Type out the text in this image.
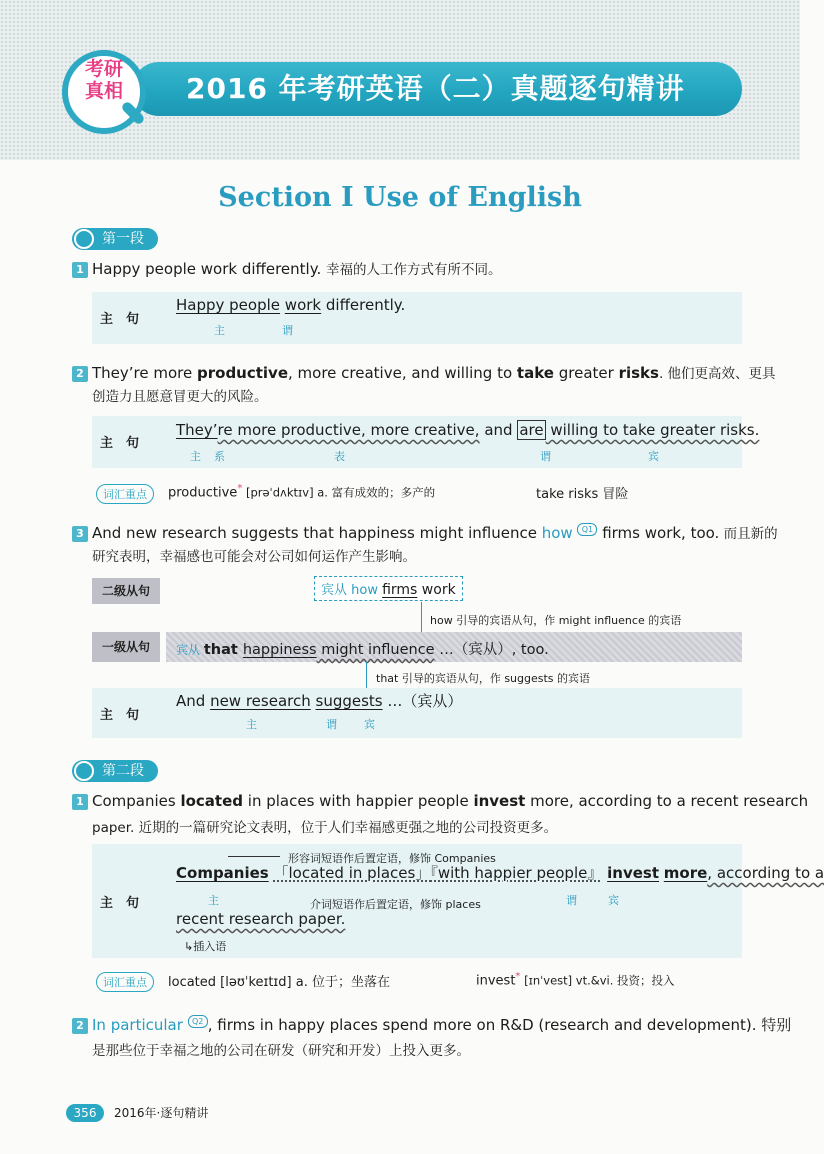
2016 年考研英语（二）真题逐句精讲
考研
真相
Section Ⅰ Use of English
第一段
1 Happy people work differently. 幸福的人工作方式有所不同。
主　句
Happy people work differently.
主	谓
2 They’re more productive, more creative, and willing to take greater risks. 他们更高效、更具
创造力且愿意冒更大的风险。
主　句
They’re more productive, more creative, and are willing to take greater risks.
主 系	表	谓	宾
词汇重点	productive* [prəˈdʌktɪv] a. 富有成效的；多产的	take risks 冒险
3 And new research suggests that happiness might influence how Q1 firms work, too. 而且新的
研究表明，幸福感也可能会对公司如何运作产生影响。
二级从句	宾从 how firms work
how 引导的宾语从句，作 might influence 的宾语
一级从句	宾从 that happiness might influence …（宾从）, too.
that 引导的宾语从句，作 suggests 的宾语
主　句
And new research suggests …（宾从）
主	谓 宾
第二段
1 Companies located in places with happier people invest more, according to a recent research
paper. 近期的一篇研究论文表明，位于人们幸福感更强之地的公司投资更多。
主　句
形容词短语作后置定语，修饰 Companies
Companies 「located in places」『with happier people』 invest more, according to a
主	介词短语作后置定语，修饰 places	谓	宾
recent research paper.
↳插入语
词汇重点	located [ləʊˈkeɪtɪd] a. 位于；坐落在	invest* [ɪnˈvest] vt.&vi. 投资；投入
2 In particular Q2 , firms in happy places spend more on R&D (research and development). 特别
是那些位于幸福之地的公司在研发（研究和开发）上投入更多。
356	2016年·逐句精讲
